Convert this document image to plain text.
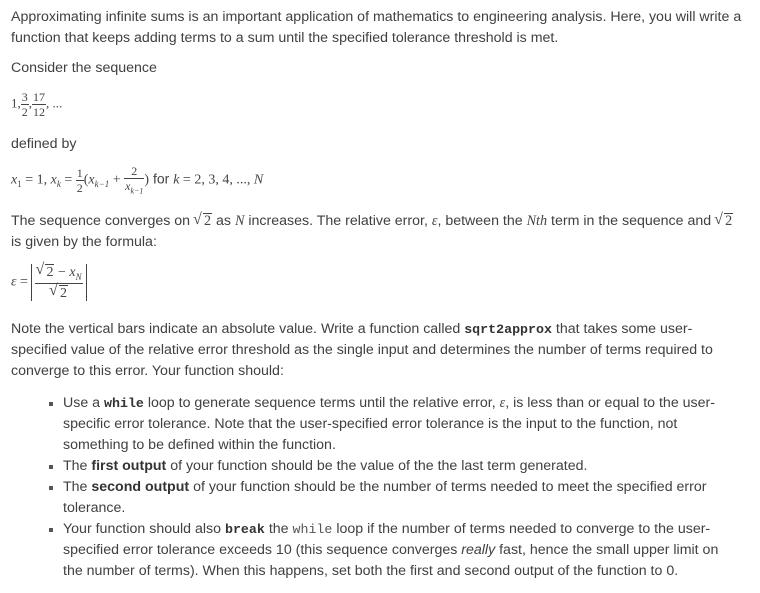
Approximating infinite sums is an important application of mathematics to engineering analysis. Here, you will write a function that keeps adding terms to a sum until the specified tolerance threshold is met.

Consider the sequence

1, $\frac{3}{2}$ , $\frac{17}{12}$ , ...

defined by

$x_1 = 1$, $x_k = \frac{1}{2} (x_{k-1} + \frac{2}{x_{k-1}}$ ) for k = 2, 3, 4, ..., N

The sequence converges on √ 2 as N increases. The relative error, ε, between the Nth term in the sequence and √ 2 is given by the formula:

ε =
√ $2 - x_N$
√ 2

Note the vertical bars indicate an absolute value. Write a function called sqrt2approx that takes some user-specified value of the relative error threshold as the single input and determines the number of terms required to converge to this error. Your function should:

Use a while loop to generate sequence terms until the relative error, ε, is less than or equal to the user-specific error tolerance. Note that the user-specified error tolerance is the input to the function, not something to be defined within the function.
The first output of your function should be the value of the the last term generated.
The second output of your function should be the number of terms needed to meet the specified error tolerance.
Your function should also break the while loop if the number of terms needed to converge to the user-specified error tolerance exceeds 10 (this sequence converges really fast, hence the small upper limit on the number of terms). When this happens, set both the first and second output of the function to 0.
